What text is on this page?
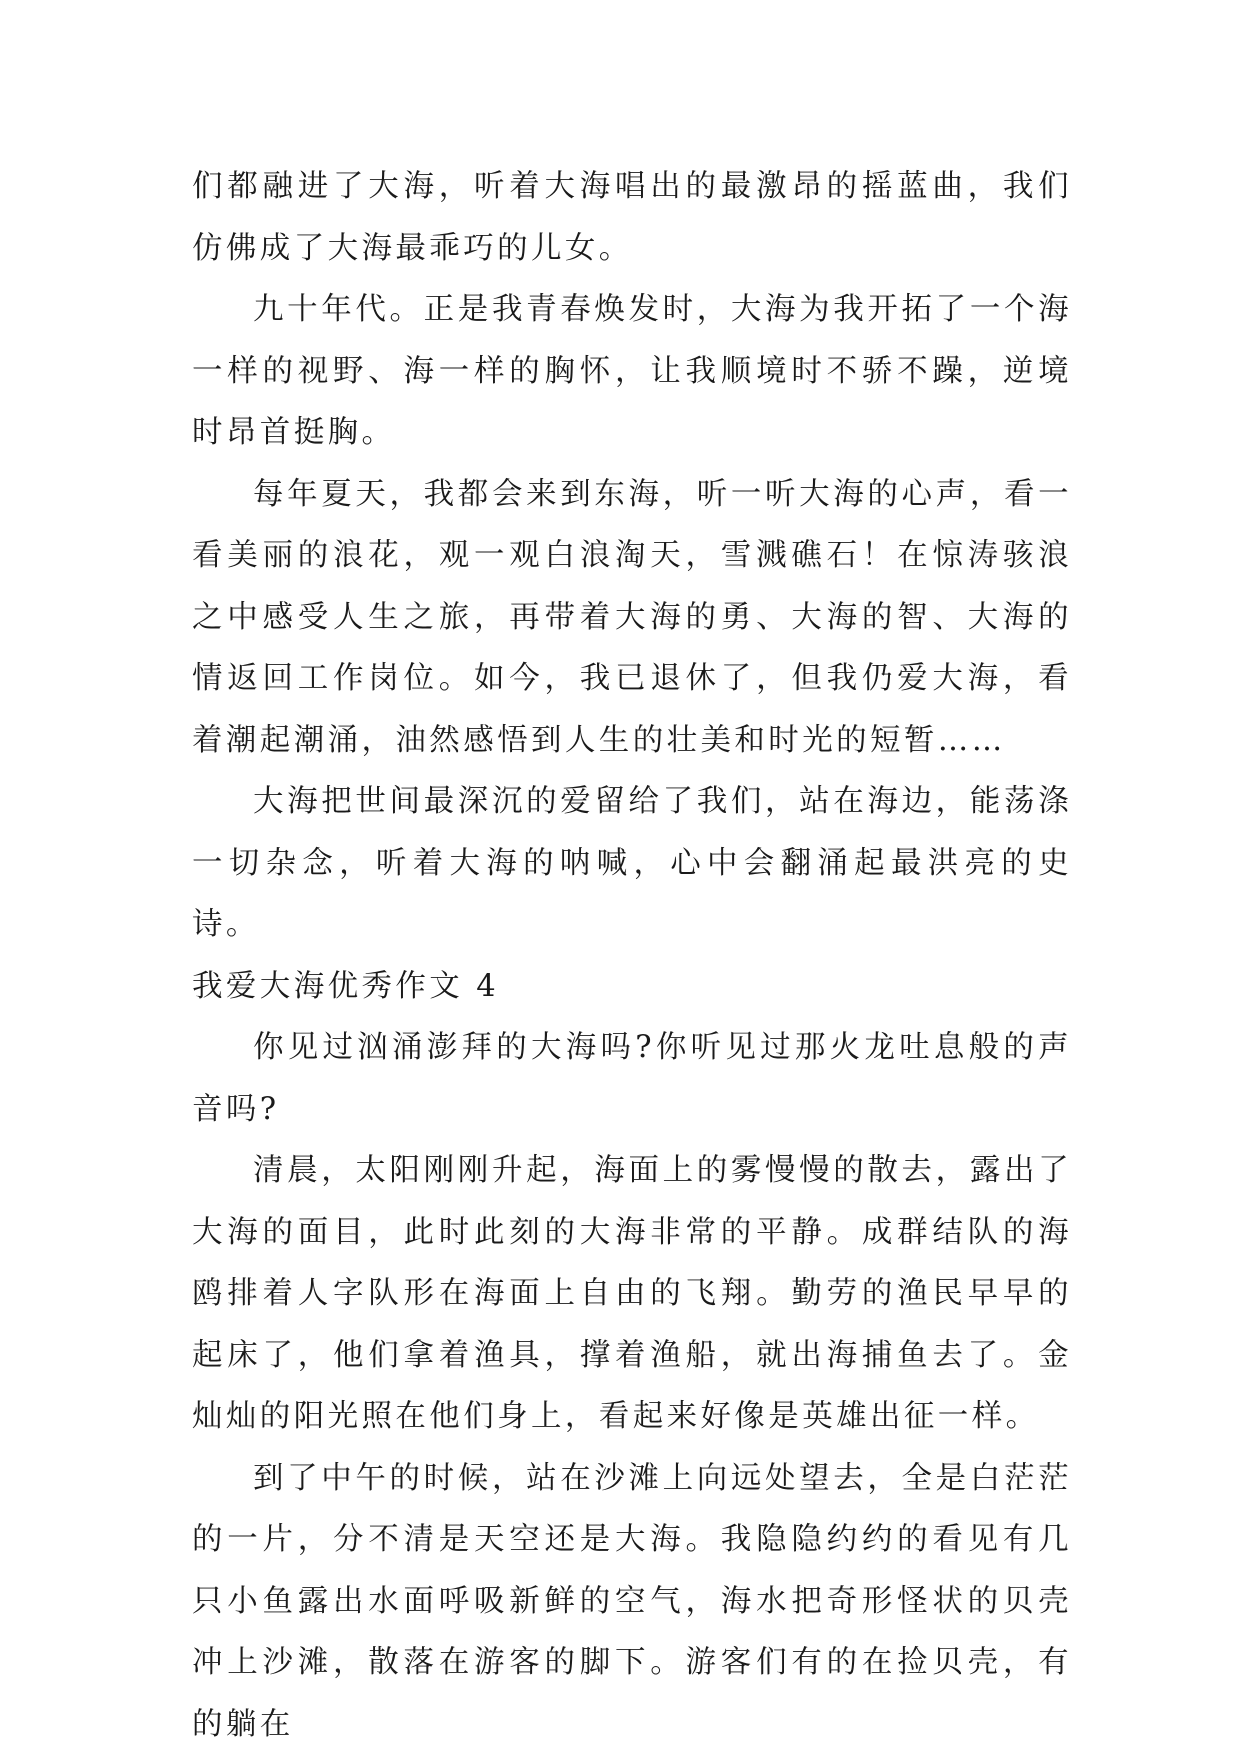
们都融进了大海，听着大海唱出的最激昂的摇蓝曲，我们仿佛成了大海最乖巧的儿女。

九十年代。正是我青春焕发时，大海为我开拓了一个海一样的视野、海一样的胸怀，让我顺境时不骄不躁，逆境时昂首挺胸。

每年夏天，我都会来到东海，听一听大海的心声，看一看美丽的浪花，观一观白浪淘天，雪溅礁石！在惊涛骇浪之中感受人生之旅，再带着大海的勇、大海的智、大海的情返回工作岗位。如今，我已退休了，但我仍爱大海，看着潮起潮涌，油然感悟到人生的壮美和时光的短暂……

大海把世间最深沉的爱留给了我们，站在海边，能荡涤一切杂念，听着大海的呐喊，心中会翻涌起最洪亮的史诗。

我爱大海优秀作文 4

你见过汹涌澎拜的大海吗?你听见过那火龙吐息般的声音吗?

清晨，太阳刚刚升起，海面上的雾慢慢的散去，露出了大海的面目，此时此刻的大海非常的平静。成群结队的海鸥排着人字队形在海面上自由的飞翔。勤劳的渔民早早的起床了，他们拿着渔具，撑着渔船，就出海捕鱼去了。金灿灿的阳光照在他们身上，看起来好像是英雄出征一样。

到了中午的时候，站在沙滩上向远处望去，全是白茫茫的一片，分不清是天空还是大海。我隐隐约约的看见有几只小鱼露出水面呼吸新鲜的空气，海水把奇形怪状的贝壳冲上沙滩，散落在游客的脚下。游客们有的在捡贝壳，有的躺在
